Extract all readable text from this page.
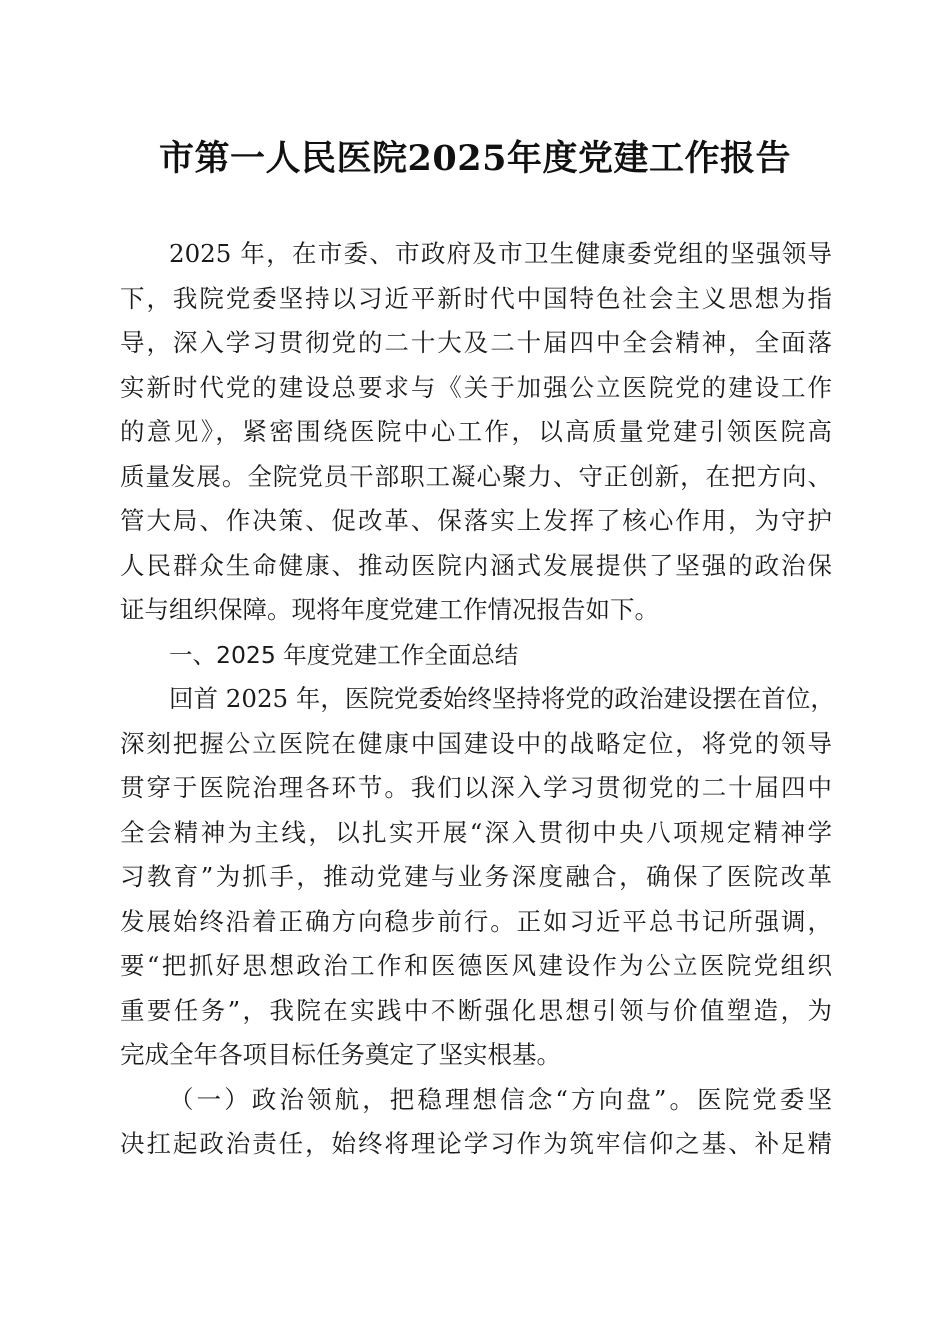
市第一人民医院2025年度党建工作报告

2025 年，在市委、市政府及市卫生健康委党组的坚强领导
下，我院党委坚持以习近平新时代中国特色社会主义思想为指
导，深入学习贯彻党的二十大及二十届四中全会精神，全面落
实新时代党的建设总要求与《关于加强公立医院党的建设工作
的意见》，紧密围绕医院中心工作，以高质量党建引领医院高
质量发展。全院党员干部职工凝心聚力、守正创新，在把方向、
管大局、作决策、促改革、保落实上发挥了核心作用，为守护
人民群众生命健康、推动医院内涵式发展提供了坚强的政治保
证与组织保障。现将年度党建工作情况报告如下。

一、2025 年度党建工作全面总结

回首 2025 年，医院党委始终坚持将党的政治建设摆在首位，
深刻把握公立医院在健康中国建设中的战略定位，将党的领导
贯穿于医院治理各环节。我们以深入学习贯彻党的二十届四中
全会精神为主线，以扎实开展“深入贯彻中央八项规定精神学
习教育”为抓手，推动党建与业务深度融合，确保了医院改革
发展始终沿着正确方向稳步前行。正如习近平总书记所强调，
要“把抓好思想政治工作和医德医风建设作为公立医院党组织
重要任务”，我院在实践中不断强化思想引领与价值塑造，为
完成全年各项目标任务奠定了坚实根基。

（一）政治领航，把稳理想信念“方向盘”。医院党委坚
决扛起政治责任，始终将理论学习作为筑牢信仰之基、补足精
